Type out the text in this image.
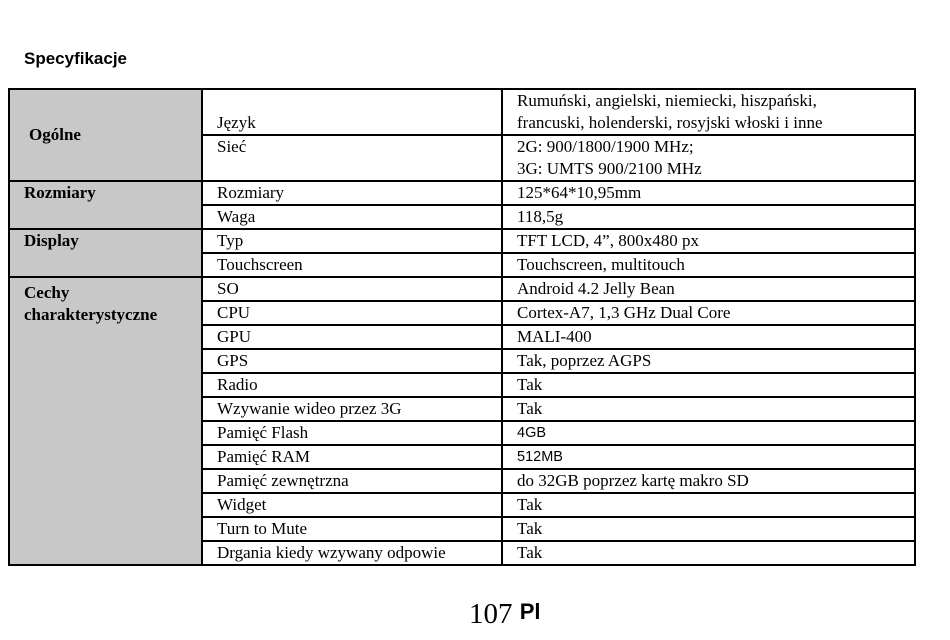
Specyfikacje
Ogólne	Język	Rumuński, angielski, niemiecki, hiszpański,
francuski, holenderski, rosyjski włoski i inne

	Sieć	2G: 900/1800/1900 MHz;
3G: UMTS 900/2100 MHz

Rozmiary	Rozmiary	125*64*10,95mm
	Waga	118,5g
Display	Typ	TFT LCD, 4”, 800x480 px
	Touchscreen	Touchscreen, multitouch
Cechy charakterystyczne	SO	Android 4.2 Jelly Bean
	CPU	Cortex-A7, 1,3 GHz Dual Core
	GPU	MALI-400
	GPS	Tak, poprzez AGPS
	Radio	Tak
	Wzywanie wideo przez 3G	Tak
	Pamięć Flash	4GB
	Pamięć RAM	512MB
	Pamięć zewnętrzna	do 32GB poprzez kartę makro SD
	Widget	Tak
	Turn to Mute	Tak
	Drgania kiedy wzywany odpowie	Tak
107 Pl
